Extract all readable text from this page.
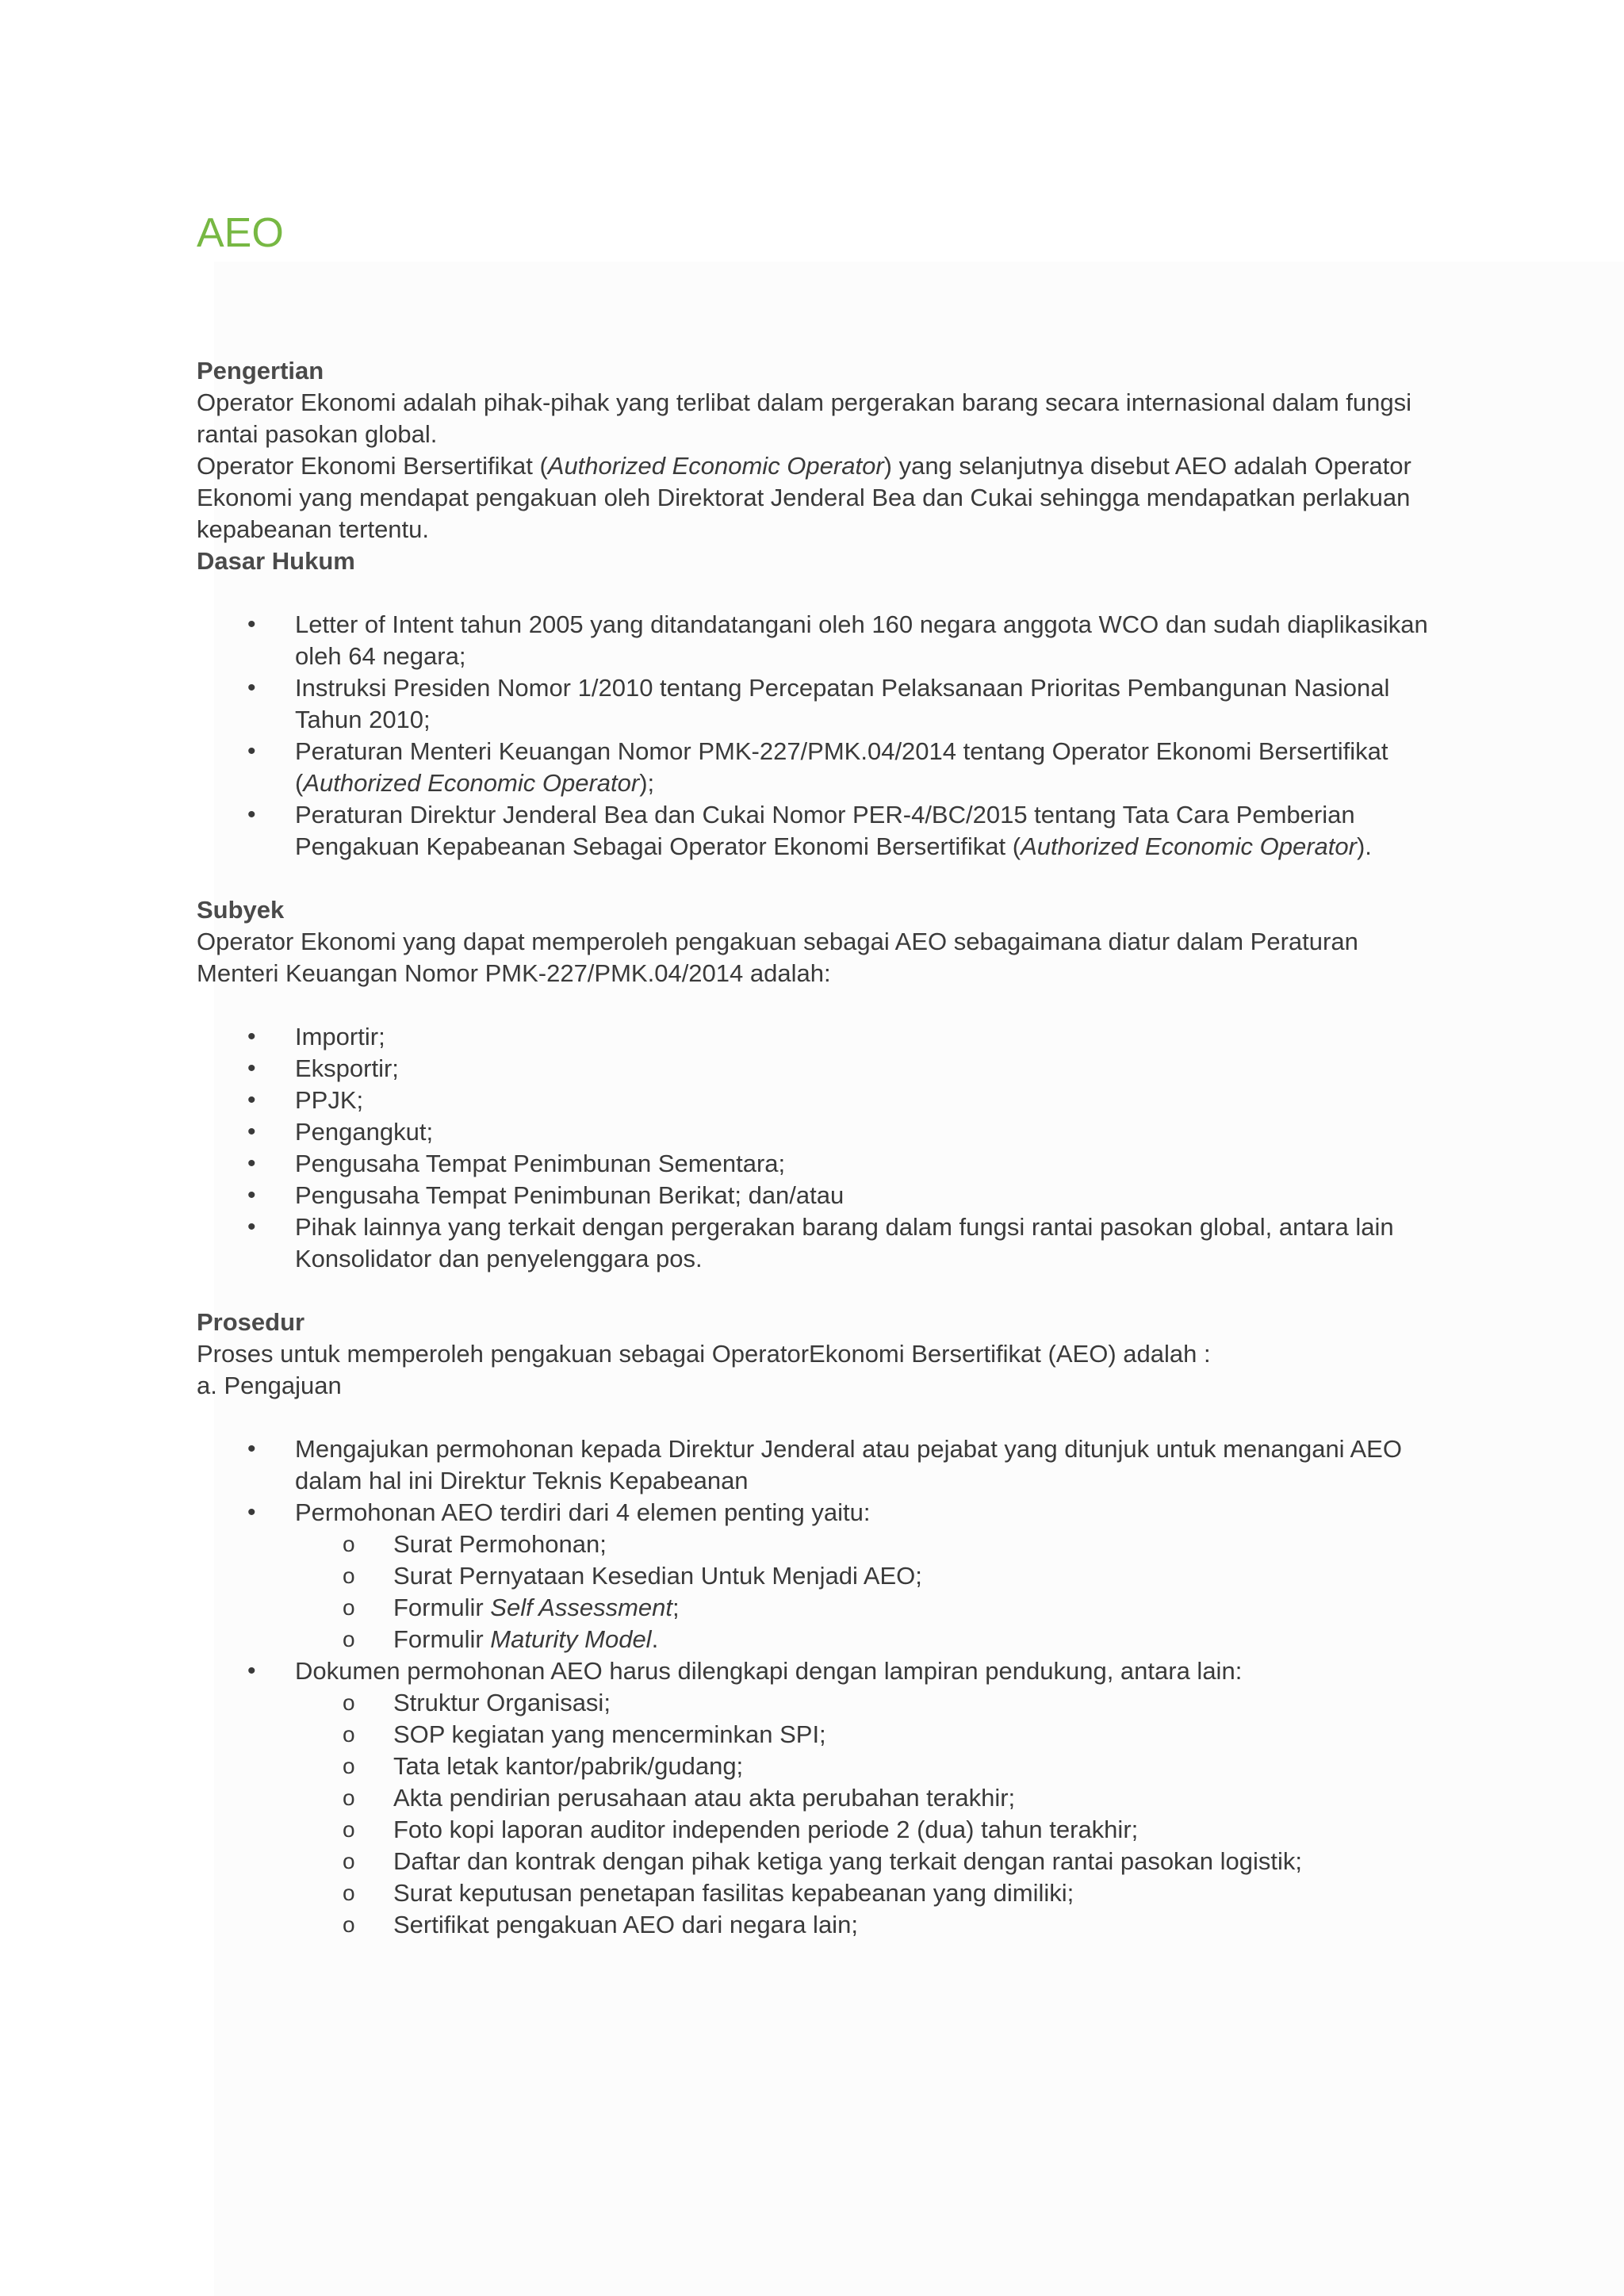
AEO

Pengertian

Operator Ekonomi adalah pihak-pihak yang terlibat dalam pergerakan barang secara internasional dalam fungsi rantai pasokan global.

Operator Ekonomi Bersertifikat (Authorized Economic Operator) yang selanjutnya disebut AEO adalah Operator Ekonomi yang mendapat pengakuan oleh Direktorat Jenderal Bea dan Cukai sehingga mendapatkan perlakuan kepabeanan tertentu.

Dasar Hukum

• Letter of Intent tahun 2005 yang ditandatangani oleh 160 negara anggota WCO dan sudah diaplikasikan oleh 64 negara;
• Instruksi Presiden Nomor 1/2010 tentang Percepatan Pelaksanaan Prioritas Pembangunan Nasional Tahun 2010;
• Peraturan Menteri Keuangan Nomor PMK-227/PMK.04/2014 tentang Operator Ekonomi Bersertifikat (Authorized Economic Operator);
• Peraturan Direktur Jenderal Bea dan Cukai Nomor PER-4/BC/2015 tentang Tata Cara Pemberian Pengakuan Kepabeanan Sebagai Operator Ekonomi Bersertifikat (Authorized Economic Operator).

Subyek

Operator Ekonomi yang dapat memperoleh pengakuan sebagai AEO sebagaimana diatur dalam Peraturan Menteri Keuangan Nomor PMK-227/PMK.04/2014 adalah:

• Importir;
• Eksportir;
• PPJK;
• Pengangkut;
• Pengusaha Tempat Penimbunan Sementara;
• Pengusaha Tempat Penimbunan Berikat; dan/atau
• Pihak lainnya yang terkait dengan pergerakan barang dalam fungsi rantai pasokan global, antara lain Konsolidator dan penyelenggara pos.

Prosedur

Proses untuk memperoleh pengakuan sebagai OperatorEkonomi Bersertifikat (AEO) adalah :

a. Pengajuan

• Mengajukan permohonan kepada Direktur Jenderal atau pejabat yang ditunjuk untuk menangani AEO dalam hal ini Direktur Teknis Kepabeanan
• Permohonan AEO terdiri dari 4 elemen penting yaitu:
o Surat Permohonan;
o Surat Pernyataan Kesedian Untuk Menjadi AEO;
o Formulir Self Assessment;
o Formulir Maturity Model.
• Dokumen permohonan AEO harus dilengkapi dengan lampiran pendukung, antara lain:
o Struktur Organisasi;
o SOP kegiatan yang mencerminkan SPI;
o Tata letak kantor/pabrik/gudang;
o Akta pendirian perusahaan atau akta perubahan terakhir;
o Foto kopi laporan auditor independen periode 2 (dua) tahun terakhir;
o Daftar dan kontrak dengan pihak ketiga yang terkait dengan rantai pasokan logistik;
o Surat keputusan penetapan fasilitas kepabeanan yang dimiliki;
o Sertifikat pengakuan AEO dari negara lain;
